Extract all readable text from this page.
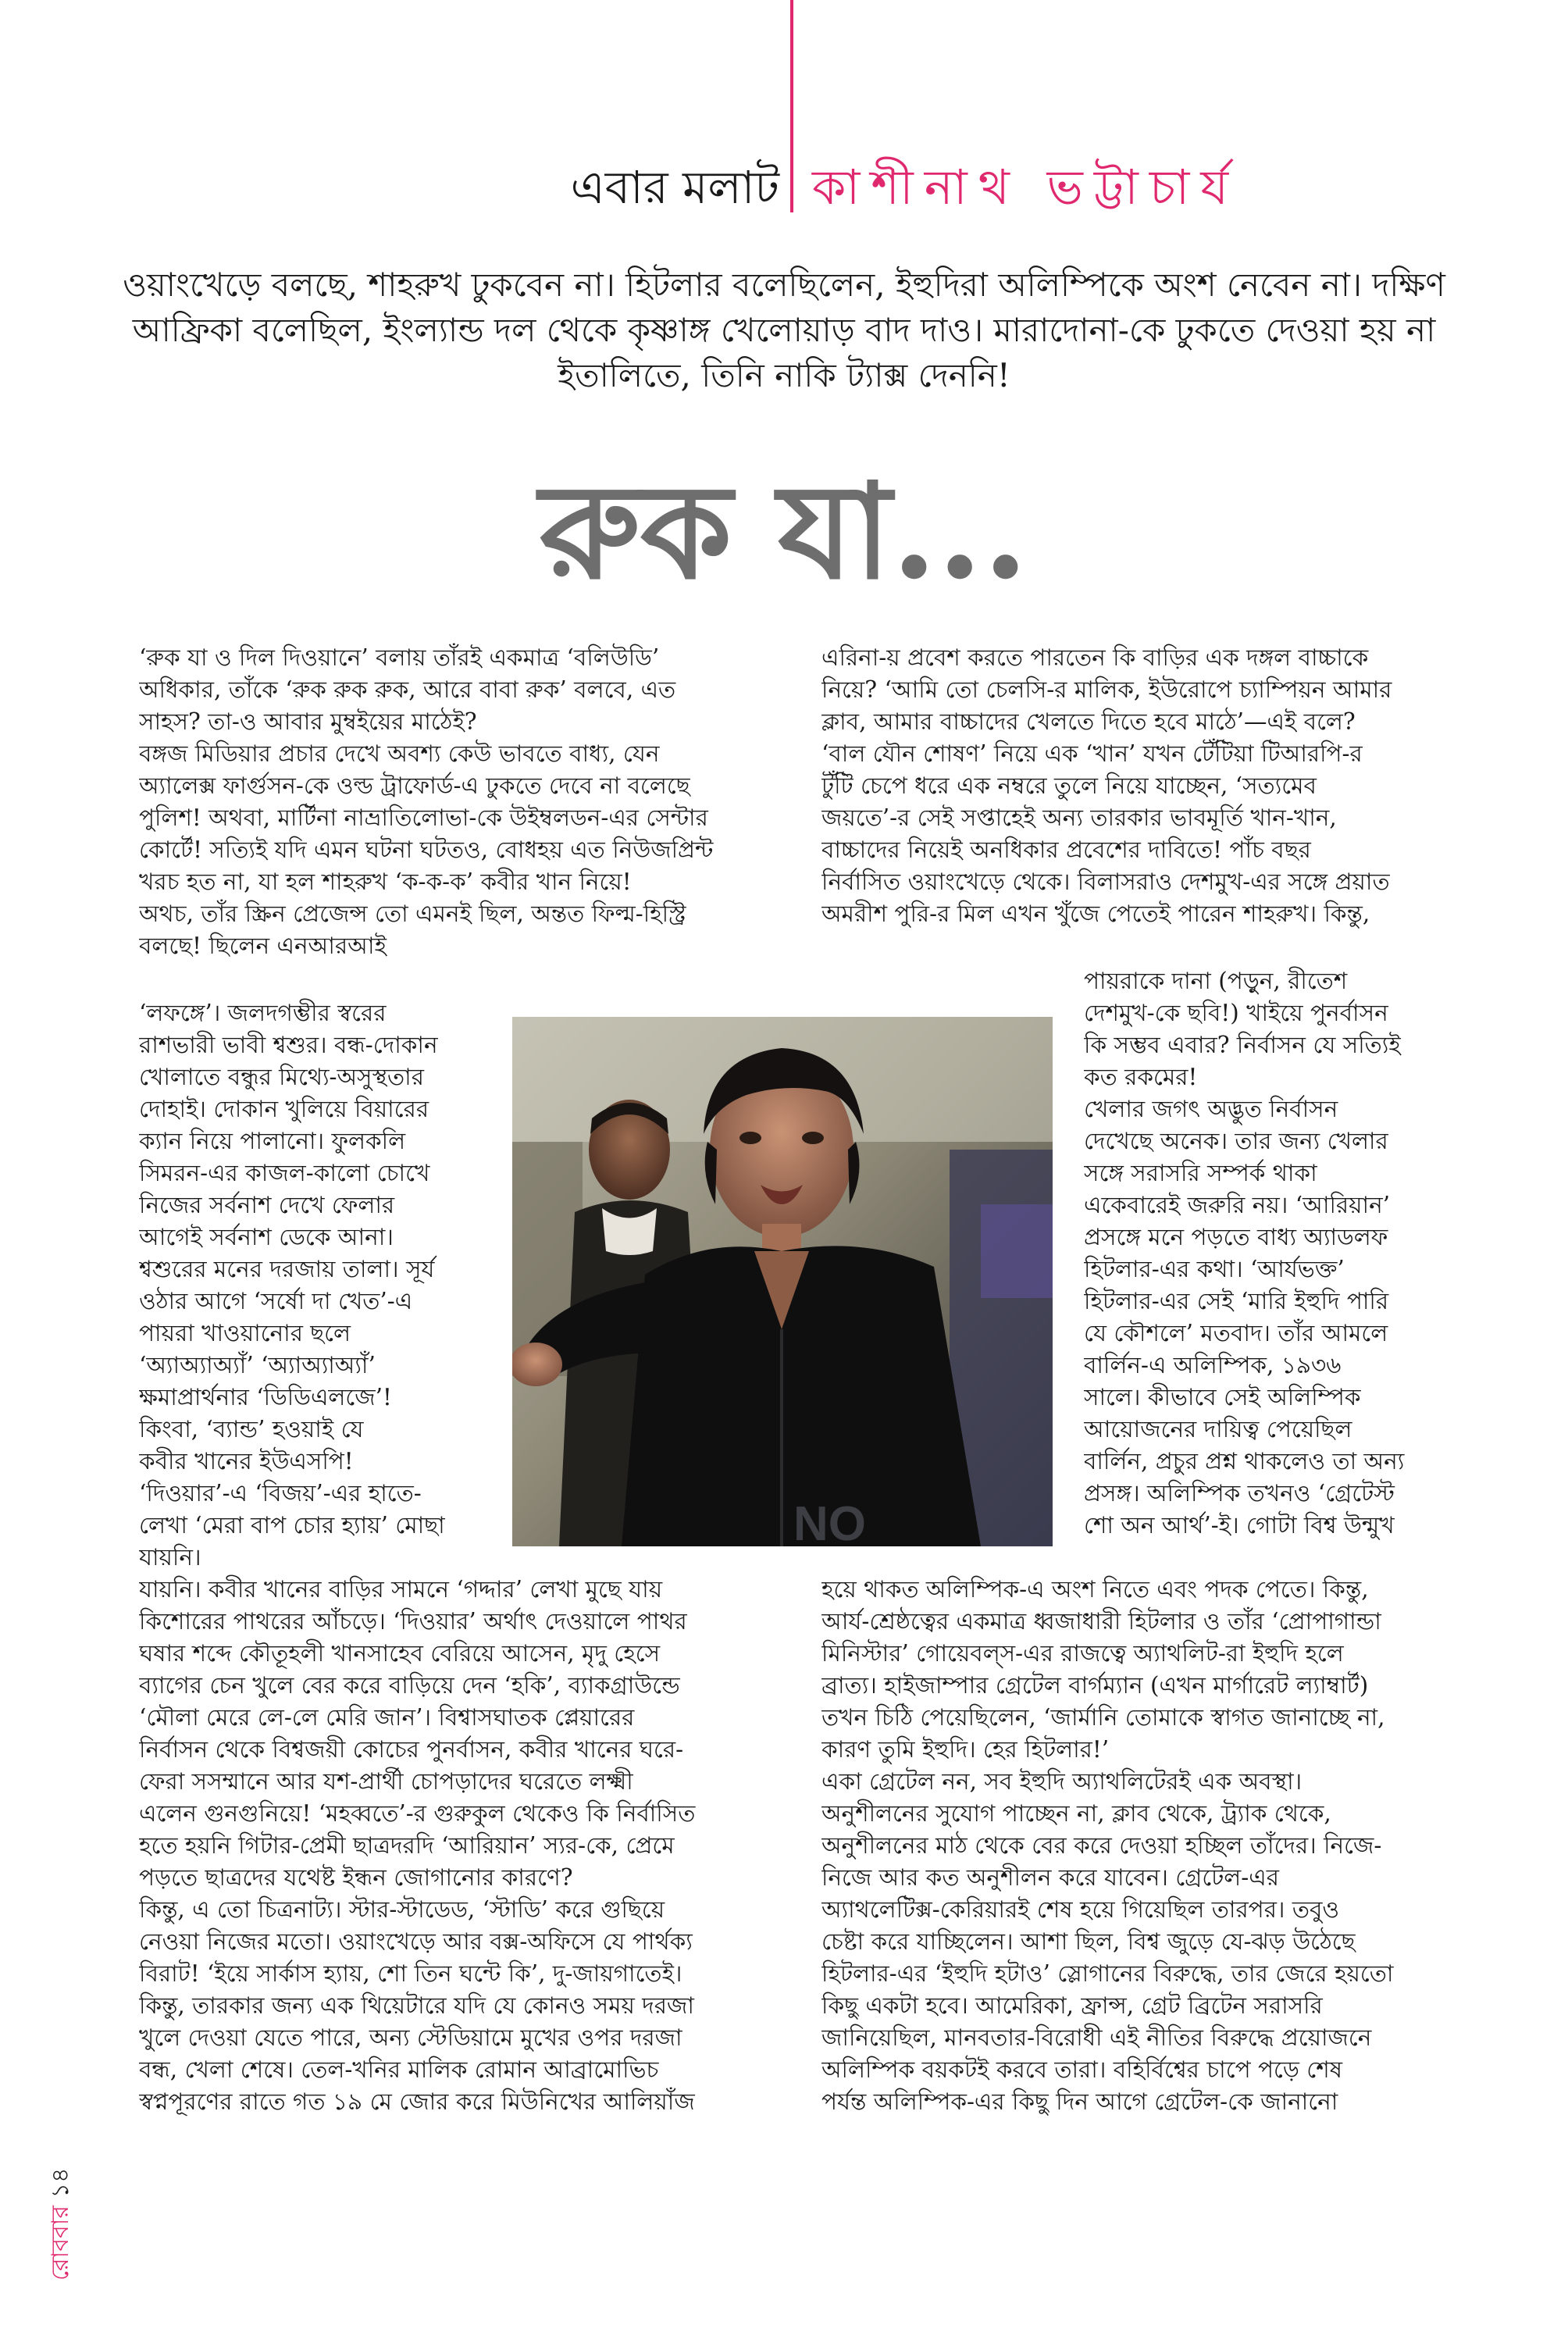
এবার মলাট কাশীনাথ ভট্টাচার্য

ওয়াংখেড়ে বলছে, শাহরুখ ঢুকবেন না। হিটলার বলেছিলেন, ইহুদিরা অলিম্পিকে অংশ নেবেন না। দক্ষিণ
আফ্রিকা বলেছিল, ইংল্যান্ড দল থেকে কৃষ্ণাঙ্গ খেলোয়াড় বাদ দাও। মারাদোনা-কে ঢুকতে দেওয়া হয় না
ইতালিতে, তিনি নাকি ট্যাক্স দেননি!

রুক যা...
‘রুক যা ও দিল দিওয়ানে’ বলায় তাঁরই একমাত্র ‘বলিউডি’
অধিকার, তাঁকে ‘রুক রুক রুক, আরে বাবা রুক’ বলবে, এত
সাহস? তা-ও আবার মুম্বইয়ের মাঠেই?
বঙ্গজ মিডিয়ার প্রচার দেখে অবশ্য কেউ ভাবতে বাধ্য, যেন
অ্যালেক্স ফার্গুসন-কে ওল্ড ট্রাফোর্ড-এ ঢুকতে দেবে না বলেছে
পুলিশ! অথবা, মার্টিনা নাভ্রাতিলোভা-কে উইম্বলডন-এর সেন্টার
কোর্টে! সত্যিই যদি এমন ঘটনা ঘটতও, বোধহয় এত নিউজপ্রিন্ট
খরচ হত না, যা হল শাহরুখ ‘ক-ক-ক’ কবীর খান নিয়ে!
অথচ, তাঁর স্ক্রিন প্রেজেন্স তো এমনই ছিল, অন্তত ফিল্ম-হিস্ট্রি
বলছে! ছিলেন এনআরআই
‘লফঙ্গে’। জলদগম্ভীর স্বরের
রাশভারী ভাবী শ্বশুর। বন্ধ-দোকান
খোলাতে বন্ধুর মিথ্যে-অসুস্থতার
দোহাই। দোকান খুলিয়ে বিয়ারের
ক্যান নিয়ে পালানো। ফুলকলি
সিমরন-এর কাজল-কালো চোখে
নিজের সর্বনাশ দেখে ফেলার
আগেই সর্বনাশ ডেকে আনা।
শ্বশুরের মনের দরজায় তালা। সূর্য
ওঠার আগে ‘সর্ষো দা খেত’-এ
পায়রা খাওয়ানোর ছলে
‘অ্যাঅ্যাঅ্যাঁ’ ‘অ্যাঅ্যাঅ্যাঁ’
ক্ষমাপ্রার্থনার ‘ডিডিএলজে’!
কিংবা, ‘ব্যান্ড’ হওয়াই যে
কবীর খানের ইউএসপি!
‘দিওয়ার’-এ ‘বিজয়’-এর হাতে-
লেখা ‘মেরা বাপ চোর হ্যায়’ মোছা
যায়নি।
যায়নি। কবীর খানের বাড়ির সামনে ‘গদ্দার’ লেখা মুছে যায়
কিশোরের পাথরের আঁচড়ে। ‘দিওয়ার’ অর্থাৎ দেওয়ালে পাথর
ঘষার শব্দে কৌতূহলী খানসাহেব বেরিয়ে আসেন, মৃদু হেসে
ব্যাগের চেন খুলে বের করে বাড়িয়ে দেন ‘হকি’, ব্যাকগ্রাউন্ডে
‘মৌলা মেরে লে-লে মেরি জান’। বিশ্বাসঘাতক প্লেয়ারের
নির্বাসন থেকে বিশ্বজয়ী কোচের পুনর্বাসন, কবীর খানের ঘরে-
ফেরা সসম্মানে আর যশ-প্রার্থী চোপড়াদের ঘরেতে লক্ষ্মী
এলেন গুনগুনিয়ে! ‘মহব্বতে’-র গুরুকুল থেকেও কি নির্বাসিত
হতে হয়নি গিটার-প্রেমী ছাত্রদরদি ‘আরিয়ান’ স্যর-কে, প্রেমে
পড়তে ছাত্রদের যথেষ্ট ইন্ধন জোগানোর কারণে?
কিন্তু, এ তো চিত্রনাট্য। স্টার-স্টাডেড, ‘স্টাডি’ করে গুছিয়ে
নেওয়া নিজের মতো। ওয়াংখেড়ে আর বক্স-অফিসে যে পার্থক্য
বিরাট! ‘ইয়ে সার্কাস হ্যায়, শো তিন ঘন্টে কি’, দু-জায়গাতেই।
কিন্তু, তারকার জন্য এক থিয়েটারে যদি যে কোনও সময় দরজা
খুলে দেওয়া যেতে পারে, অন্য স্টেডিয়ামে মুখের ওপর দরজা
বন্ধ, খেলা শেষে। তেল-খনির মালিক রোমান আব্রামোভিচ
স্বপ্নপূরণের রাতে গত ১৯ মে জোর করে মিউনিখের আলিয়াঁজ
এরিনা-য় প্রবেশ করতে পারতেন কি বাড়ির এক দঙ্গল বাচ্চাকে
নিয়ে? ‘আমি তো চেলসি-র মালিক, ইউরোপে চ্যাম্পিয়ন আমার
ক্লাব, আমার বাচ্চাদের খেলতে দিতে হবে মাঠে’—এই বলে?
‘বাল যৌন শোষণ’ নিয়ে এক ‘খান’ যখন টেঁটিয়া টিআরপি-র
টুঁটি চেপে ধরে এক নম্বরে তুলে নিয়ে যাচ্ছেন, ‘সত্যমেব
জয়তে’-র সেই সপ্তাহেই অন্য তারকার ভাবমূর্তি খান-খান,
বাচ্চাদের নিয়েই অনধিকার প্রবেশের দাবিতে! পাঁচ বছর
নির্বাসিত ওয়াংখেড়ে থেকে। বিলাসরাও দেশমুখ-এর সঙ্গে প্রয়াত
অমরীশ পুরি-র মিল এখন খুঁজে পেতেই পারেন শাহরুখ। কিন্তু,
পায়রাকে দানা (পড়ুন, রীতেশ
দেশমুখ-কে ছবি!) খাইয়ে পুনর্বাসন
কি সম্ভব এবার? নির্বাসন যে সত্যিই
কত রকমের!
খেলার জগৎ অদ্ভুত নির্বাসন
দেখেছে অনেক। তার জন্য খেলার
সঙ্গে সরাসরি সম্পর্ক থাকা
একেবারেই জরুরি নয়। ‘আরিয়ান’
প্রসঙ্গে মনে পড়তে বাধ্য অ্যাডলফ
হিটলার-এর কথা। ‘আর্যভক্ত’
হিটলার-এর সেই ‘মারি ইহুদি পারি
যে কৌশলে’ মতবাদ। তাঁর আমলে
বার্লিন-এ অলিম্পিক, ১৯৩৬
সালে। কীভাবে সেই অলিম্পিক
আয়োজনের দায়িত্ব পেয়েছিল
বার্লিন, প্রচুর প্রশ্ন থাকলেও তা অন্য
প্রসঙ্গ। অলিম্পিক তখনও ‘গ্রেটেস্ট
শো অন আর্থ’-ই। গোটা বিশ্ব উন্মুখ
হয়ে থাকত অলিম্পিক-এ অংশ নিতে এবং পদক পেতে। কিন্তু,
আর্য-শ্রেষ্ঠত্বের একমাত্র ধ্বজাধারী হিটলার ও তাঁর ‘প্রোপাগান্ডা
মিনিস্টার’ গোয়েবল্‌স-এর রাজত্বে অ্যাথলিট-রা ইহুদি হলে
ব্রাত্য। হাইজাম্পার গ্রেটেল বার্গম্যান (এখন মার্গারেট ল্যাম্বার্ট)
তখন চিঠি পেয়েছিলেন, ‘জার্মানি তোমাকে স্বাগত জানাচ্ছে না,
কারণ তুমি ইহুদি। হের হিটলার!’
একা গ্রেটেল নন, সব ইহুদি অ্যাথলিটেরই এক অবস্থা।
অনুশীলনের সুযোগ পাচ্ছেন না, ক্লাব থেকে, ট্র্যাক থেকে,
অনুশীলনের মাঠ থেকে বের করে দেওয়া হচ্ছিল তাঁদের। নিজে-
নিজে আর কত অনুশীলন করে যাবেন। গ্রেটেল-এর
অ্যাথলেটিক্স-কেরিয়ারই শেষ হয়ে গিয়েছিল তারপর। তবুও
চেষ্টা করে যাচ্ছিলেন। আশা ছিল, বিশ্ব জুড়ে যে-ঝড় উঠেছে
হিটলার-এর ‘ইহুদি হটাও’ স্লোগানের বিরুদ্ধে, তার জেরে হয়তো
কিছু একটা হবে। আমেরিকা, ফ্রান্স, গ্রেট ব্রিটেন সরাসরি
জানিয়েছিল, মানবতার-বিরোধী এই নীতির বিরুদ্ধে প্রয়োজনে
অলিম্পিক বয়কটই করবে তারা। বহির্বিশ্বের চাপে পড়ে শেষ
পর্যন্ত অলিম্পিক-এর কিছু দিন আগে গ্রেটেল-কে জানানো
NO
রোববার ১৪
